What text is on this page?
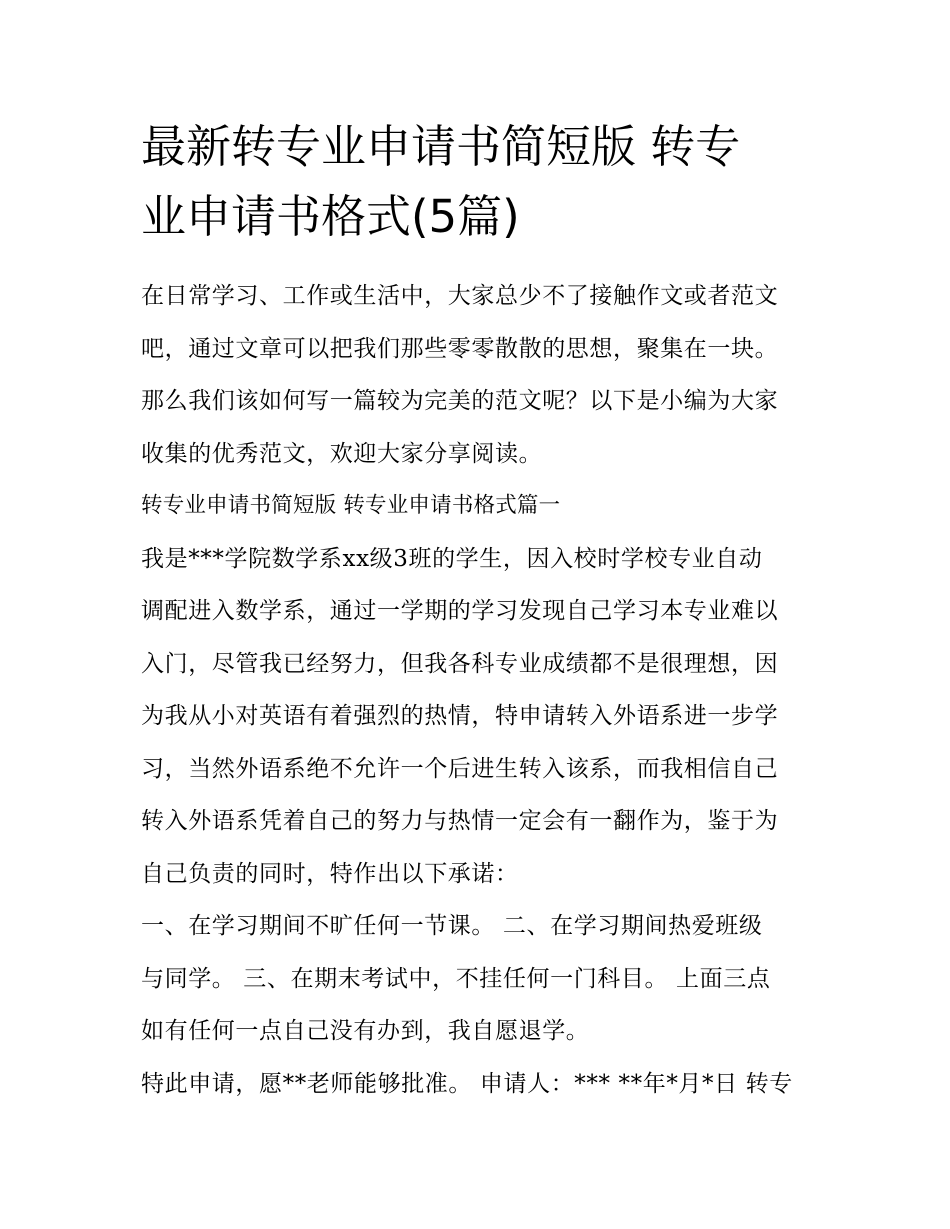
最新转专业申请书简短版 转专
业申请书格式(5篇)

在日常学习、工作或生活中，大家总少不了接触作文或者范文
吧，通过文章可以把我们那些零零散散的思想，聚集在一块。
那么我们该如何写一篇较为完美的范文呢？以下是小编为大家
收集的优秀范文，欢迎大家分享阅读。

转专业申请书简短版 转专业申请书格式篇一

我是***学院数学系xx级3班的学生，因入校时学校专业自动
调配进入数学系，通过一学期的学习发现自己学习本专业难以
入门，尽管我已经努力，但我各科专业成绩都不是很理想，因
为我从小对英语有着强烈的热情，特申请转入外语系进一步学
习，当然外语系绝不允许一个后进生转入该系，而我相信自己
转入外语系凭着自己的努力与热情一定会有一翻作为，鉴于为
自己负责的同时，特作出以下承诺：

一、在学习期间不旷任何一节课。 二、在学习期间热爱班级
与同学。 三、在期末考试中，不挂任何一门科目。 上面三点
如有任何一点自己没有办到，我自愿退学。

特此申请，愿**老师能够批准。 申请人：*** **年*月*日 转专
